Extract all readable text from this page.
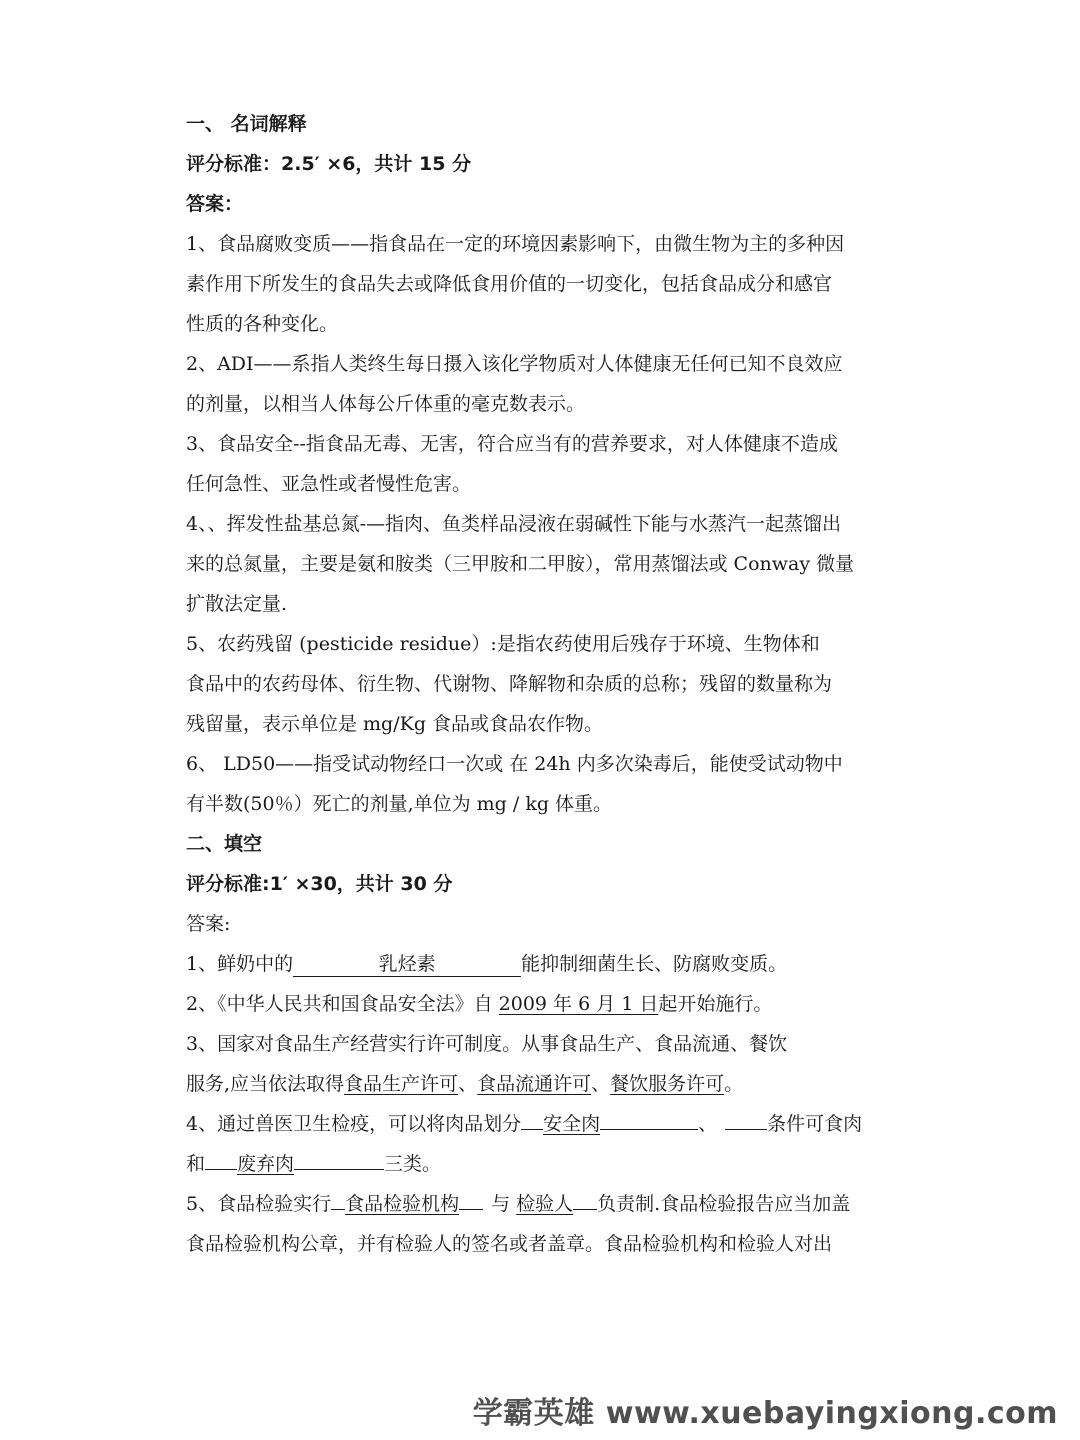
一、 名词解释
评分标准：2.5′ ×6，共计 15 分
答案：
1、食品腐败变质——指食品在一定的环境因素影响下，由微生物为主的多种因
素作用下所发生的食品失去或降低食用价值的一切变化，包括食品成分和感官
性质的各种变化。
2、ADI——系指人类终生每日摄入该化学物质对人体健康无任何已知不良效应
的剂量，以相当人体每公斤体重的毫克数表示。
3、食品安全--指食品无毒、无害，符合应当有的营养要求，对人体健康不造成
任何急性、亚急性或者慢性危害。
4、、挥发性盐基总氮-—指肉、鱼类样品浸液在弱碱性下能与水蒸汽一起蒸馏出
来的总氮量，主要是氨和胺类（三甲胺和二甲胺），常用蒸馏法或 Conway 微量
扩散法定量.
5、农药残留 (pesticide residue）:是指农药使用后残存于环境、生物体和
食品中的农药母体、衍生物、代谢物、降解物和杂质的总称；残留的数量称为
残留量，表示单位是 mg/Kg 食品或食品农作物。
6、 LD50——指受试动物经口一次或 在 24h 内多次染毒后，能使受试动物中
有半数(50％）死亡的剂量,单位为 mg / kg 体重。
二、填空
评分标准:1′ ×30，共计 30 分
答案:
1、鲜奶中的	乳烃素	能抑制细菌生长、防腐败变质。
2、《中华人民共和国食品安全法》自 2009 年 6 月 1 日起开始施行。
3、国家对食品生产经营实行许可制度。从事食品生产、食品流通、餐饮
服务,应当依法取得食品生产许可、食品流通许可、餐饮服务许可。
4、通过兽医卫生检疫，可以将肉品划分 安全肉	、	条件可食肉
和 废弃肉	三类。
5、食品检验实行 食品检验机构 与 检验人 负责制.食品检验报告应当加盖
食品检验机构公章，并有检验人的签名或者盖章。食品检验机构和检验人对出
学霸英雄 www.xuebayingxiong.com
